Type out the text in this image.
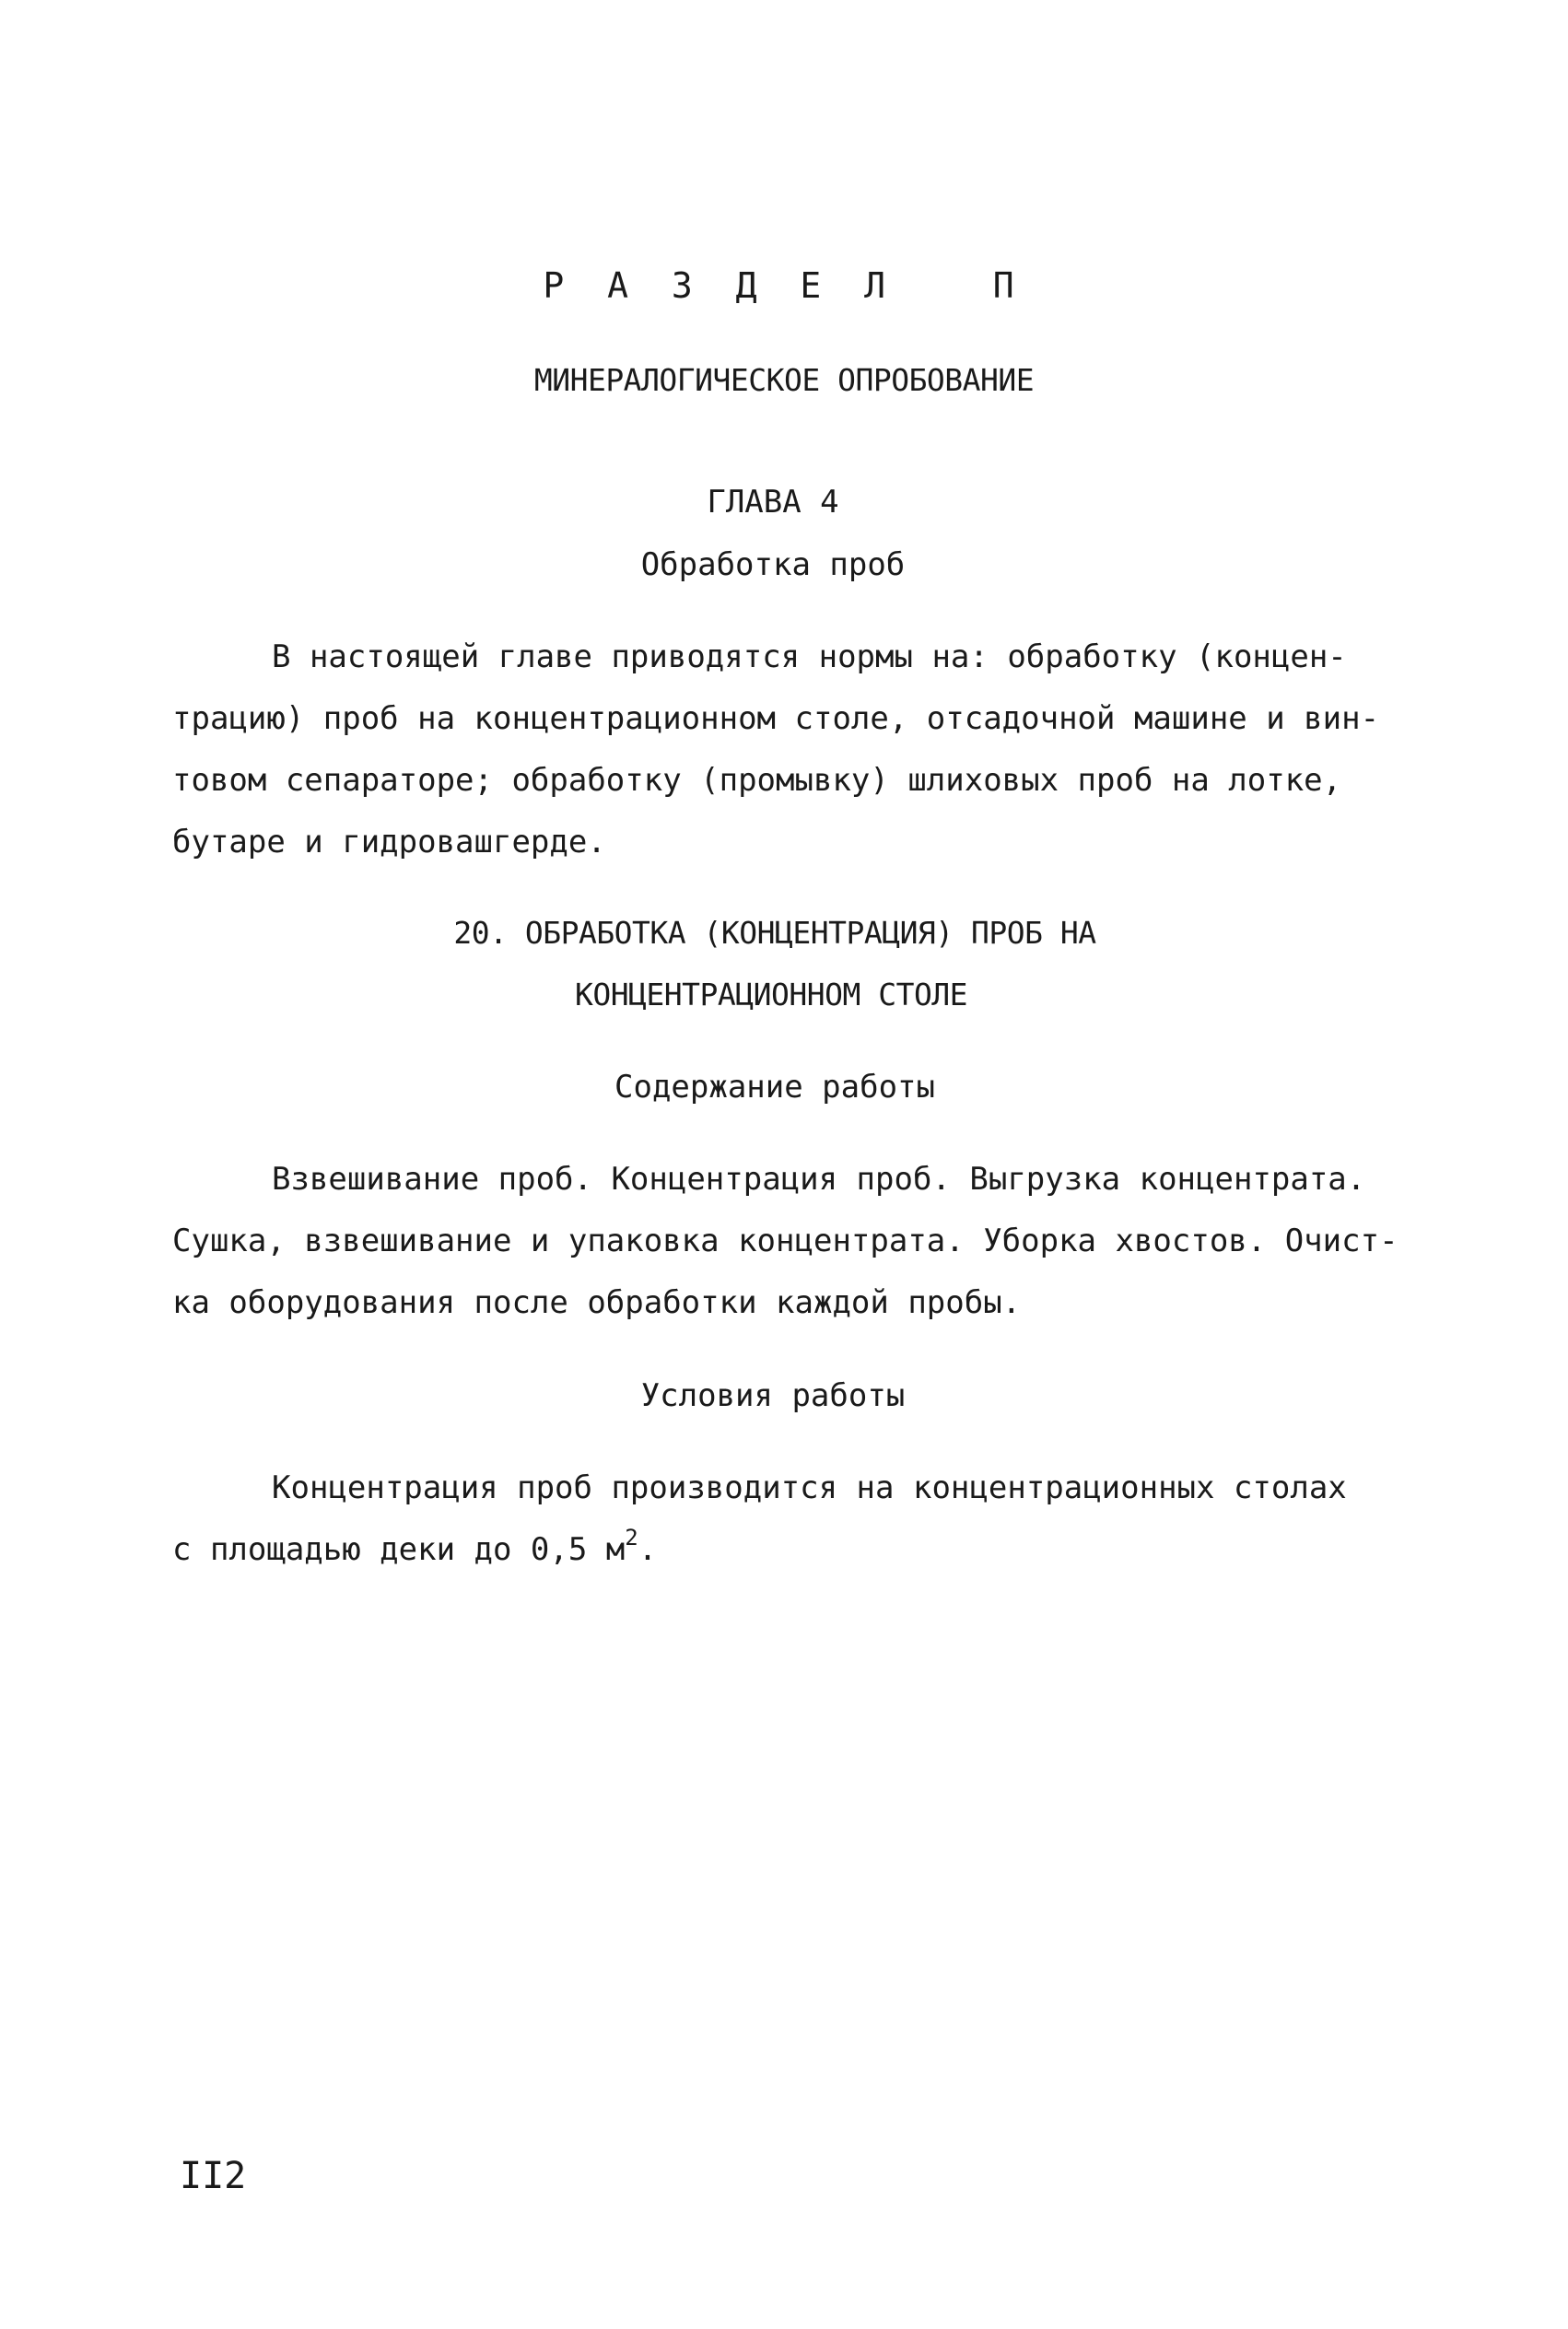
Р А З Д Е Л   П
МИНЕРАЛОГИЧЕСКОЕ ОПРОБОВАНИЕ
ГЛАВА 4
Обработка проб
В настоящей главе приводятся нормы на: обработку (концен-
трацию) проб на концентрационном столе, отсадочной машине и вин-
товом сепараторе; обработку (промывку) шлиховых проб на лотке,
бутаре и гидровашгерде.
20. ОБРАБОТКА (КОНЦЕНТРАЦИЯ) ПРОБ НА
КОНЦЕНТРАЦИОННОМ СТОЛЕ
Содержание работы
Взвешивание проб. Концентрация проб. Выгрузка концентрата.
Сушка, взвешивание и упаковка концентрата. Уборка хвостов. Очист-
ка оборудования после обработки каждой пробы.
Условия работы
Концентрация проб производится на концентрационных столах
с площадью деки до 0,5 $м^2$.
II2
